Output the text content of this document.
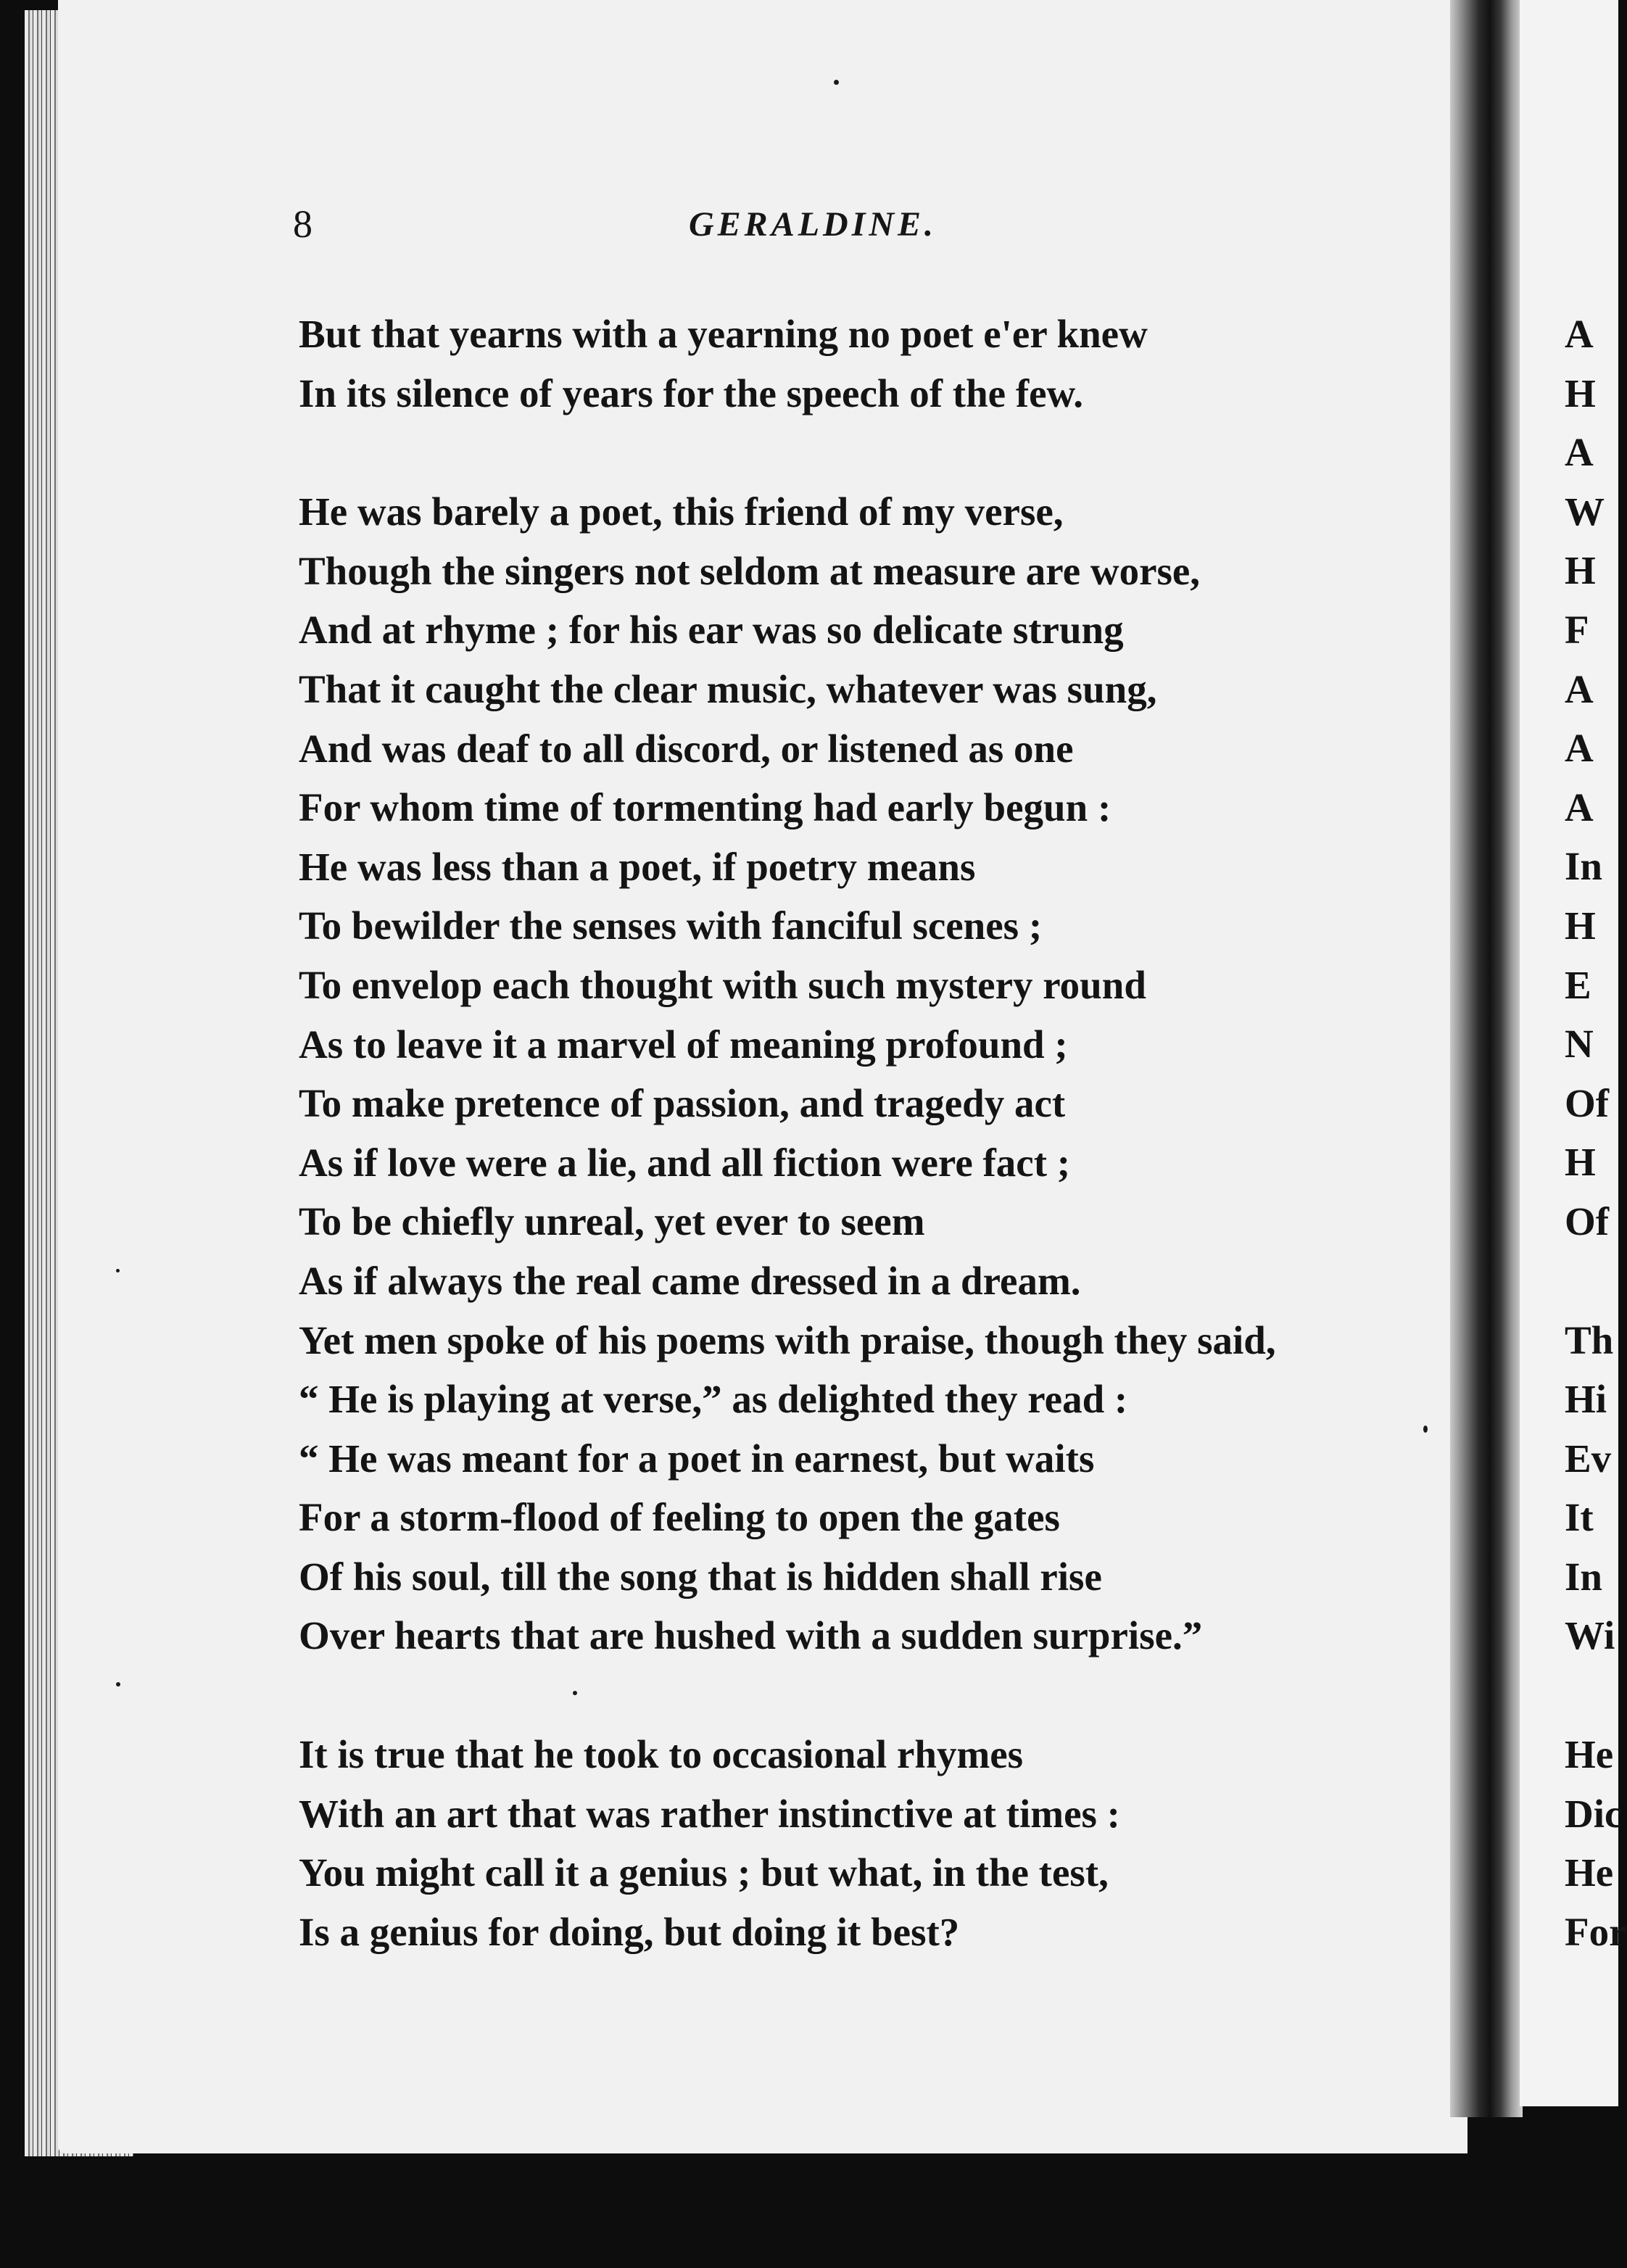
8	GERALDINE.
But that yearns with a yearning no poet e'er knew
In its silence of years for the speech of the few.
He was barely a poet, this friend of my verse,
Though the singers not seldom at measure are worse,
And at rhyme ; for his ear was so delicate strung
That it caught the clear music, whatever was sung,
And was deaf to all discord, or listened as one
For whom time of tormenting had early begun :
He was less than a poet, if poetry means
To bewilder the senses with fanciful scenes ;
To envelop each thought with such mystery round
As to leave it a marvel of meaning profound ;
To make pretence of passion, and tragedy act
As if love were a lie, and all fiction were fact ;
To be chiefly unreal, yet ever to seem
As if always the real came dressed in a dream.
Yet men spoke of his poems with praise, though they said,
“ He is playing at verse,” as delighted they read :
“ He was meant for a poet in earnest, but waits
For a storm-flood of feeling to open the gates
Of his soul, till the song that is hidden shall rise
Over hearts that are hushed with a sudden surprise.”
It is true that he took to occasional rhymes
With an art that was rather instinctive at times :
You might call it a genius ; but what, in the test,
Is a genius for doing, but doing it best?
A
H
A
W
H
F
A
A
A
In
H
E
N
Of
H
Of
Th
Hi
Ev
It
In
Wi
He
Dic
He
For
